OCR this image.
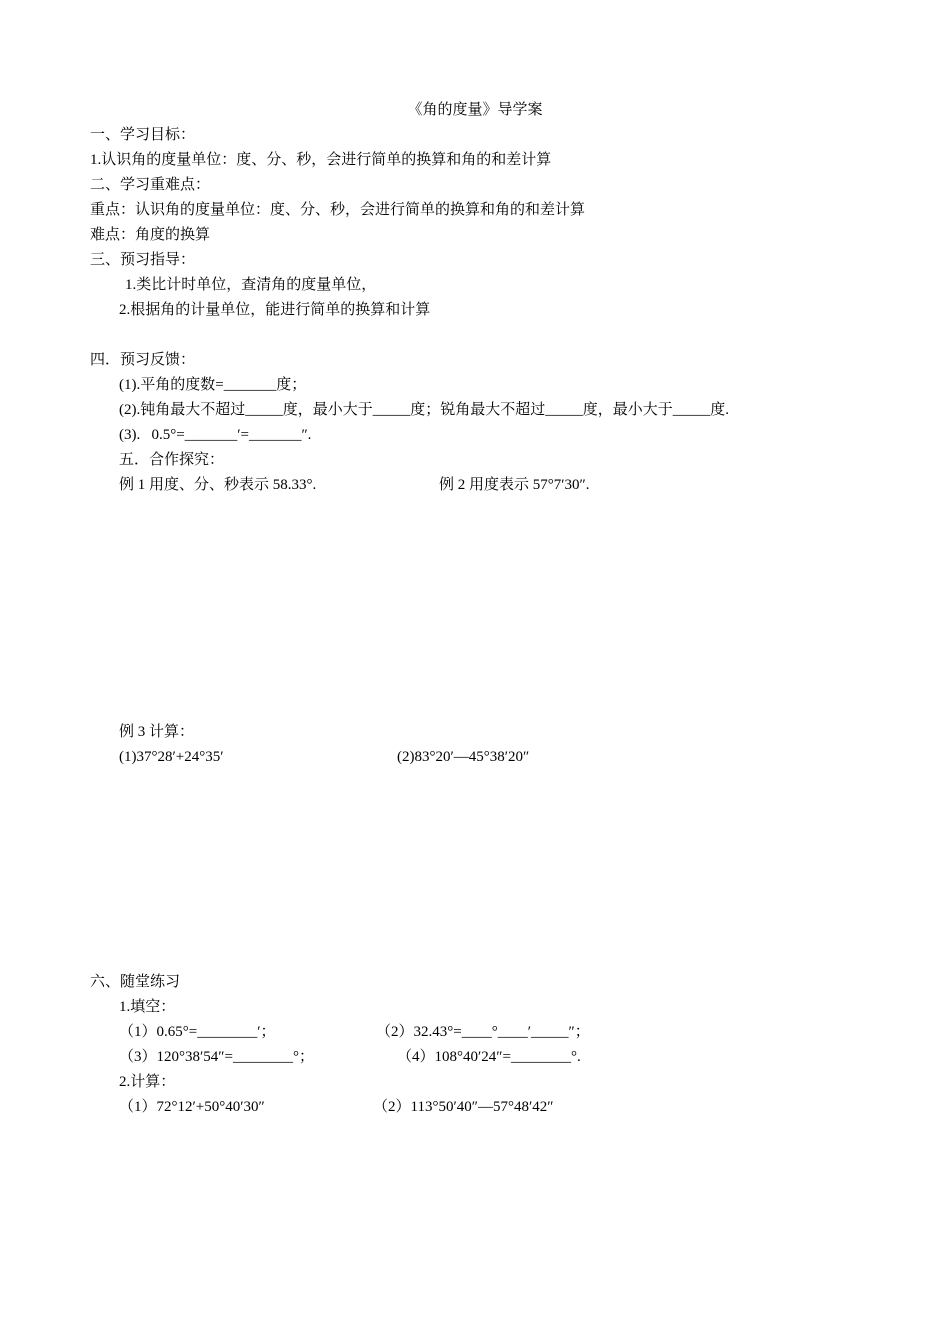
《角的度量》导学案
一、学习目标：
1.认识角的度量单位：度、分、秒，会进行简单的换算和角的和差计算
二、学习重难点：
重点：认识角的度量单位：度、分、秒，会进行简单的换算和角的和差计算
难点：角度的换算
三、预习指导：
1.类比计时单位，查清角的度量单位，
2.根据角的计量单位，能进行简单的换算和计算
四．预习反馈：
(1).平角的度数=_______度；
(2).钝角最大不超过_____度，最小大于_____度；锐角最大不超过_____度，最小大于_____度.
(3).   0.5°=_______′=_______″.
五．合作探究：
例 1 用度、分、秒表示 58.33°.	例 2 用度表示 57°7′30″.
例 3 计算：
(1)37°28′+24°35′	(2)83°20′—45°38′20″
六、随堂练习
1.填空：
（1）0.65°=________′；	（2）32.43°=____°____′_____″；
（3）120°38′54″=________°；	（4）108°40′24″=________°.
2.计算：
（1）72°12′+50°40′30″	（2）113°50′40″—57°48′42″
